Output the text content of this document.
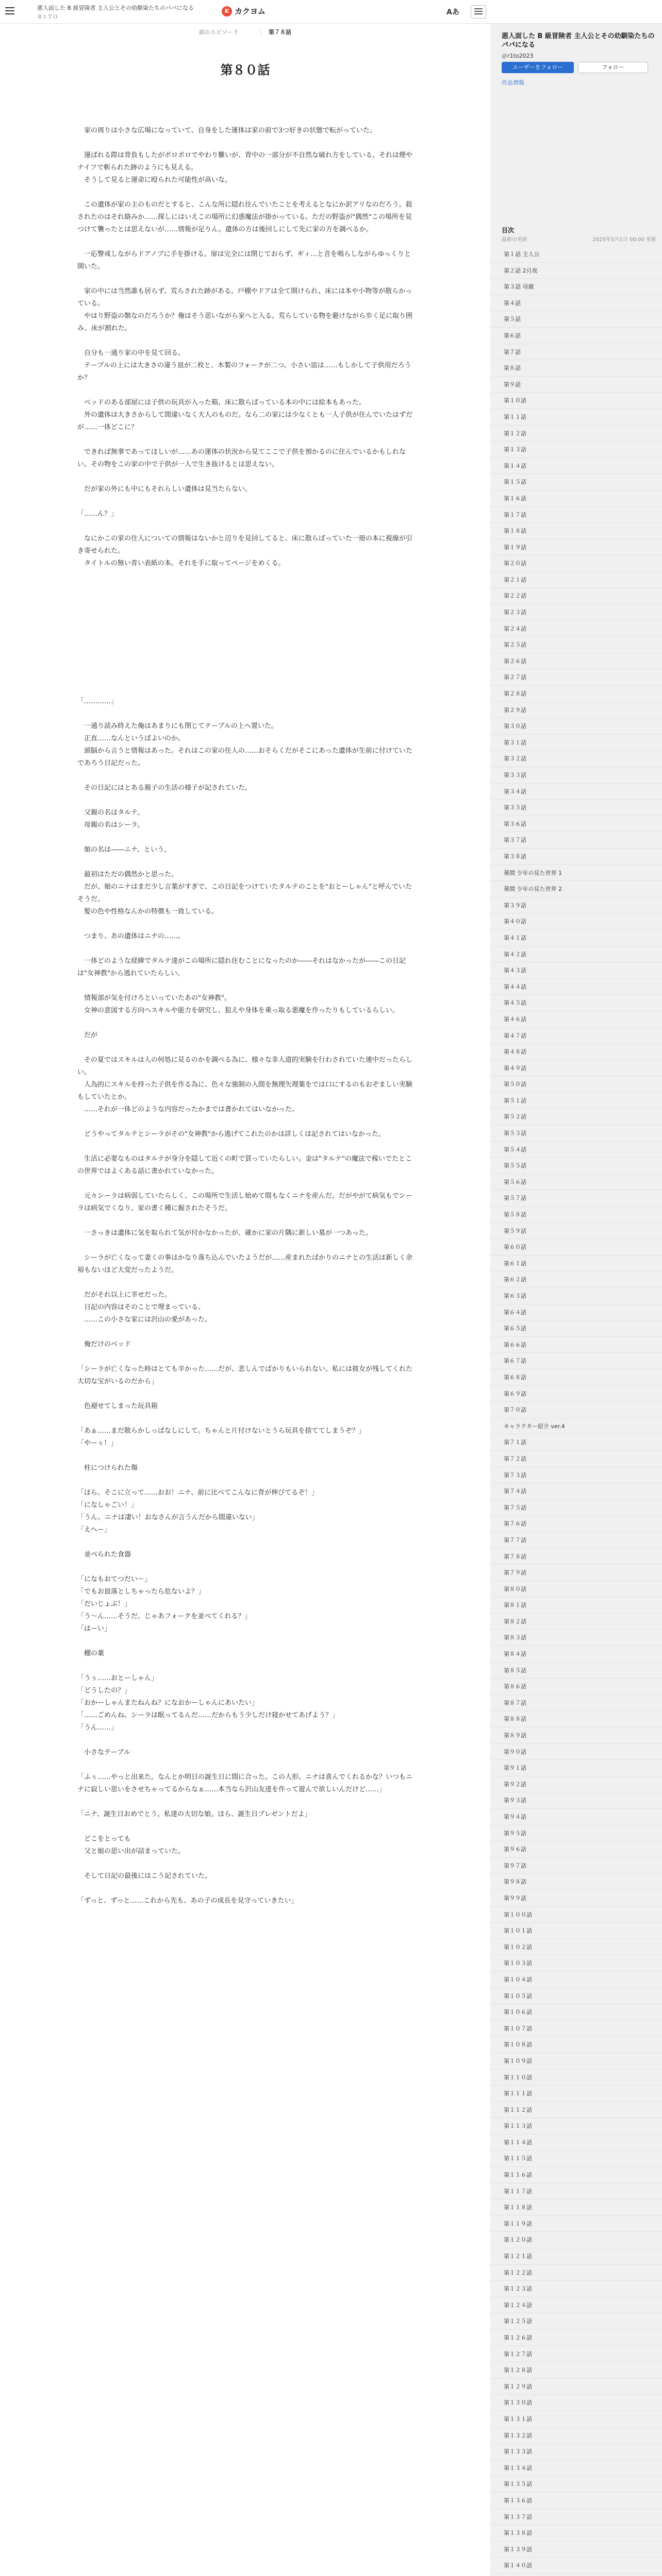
悪人面した B 級冒険者 主人公とその幼馴染たちのパパになる
Ｒ１ＴＯ
K カクヨム	Aあ
前のエピソード	第７８話
第８０話

　家の周りは小さな広場になっていて、自身をした運体は家の前で3つ好きの状態で転がっていた。

　運ばれる際は背負もしたがボロボロでやわり難いが、背中の一部分が不自然な破れ方をしている。それは煙やナイフで斬られた跡のようにも見える。
　そうして見ると運命に殴られた可能性が高いな。

　この遺体が家の主のものだとすると、こんな所に隠れ住んでいたことを考えるとなにか訳アリなのだろう。殺されたのはそれ絡みか……探しにはいえこの場所に幻惑魔法が掛かっている。ただの野盗が"偶然"この場所を見つけて襲ったとは思えないが……情報が足りん。遺体の方は後回しにして先に家の方を調べるか。

　一応警戒しながらドアノブに手を掛ける。扉は完全には閉じておらず、ギィ…と音を鳴らしながらゆっくりと開いた。

　家の中には当然誰も居らず、荒らされた跡がある。戸棚やドアは全て開けられ、床には本や小物等が散らかっている。
　やはり野盗の類なのだろうか？俺はそう思いながら家へと入る。荒らしている物を避けながら歩く足に取り囲み、床が割れた。

　自分も一通り家の中を見て回る。
　テーブルの上には大きさの違う皿が二枚と、木製のフォークが二つ。小さい皿は……もしかして子供用だろうか？

　ベッドのある部屋には子供の玩具が入った箱、床に散らばっている本の中には絵本もあった。
　外の遺体は大きさからして間違いなく大人のものだ。なら二の家には少なくとも一人子供が住んでいたはずだが……一体どこに？

　できれば無事であってほしいが……あの運体の状況から見てここで子供を預かるのに住んでいるかもしれない。その物をこの家の中で子供が一人で生き抜けるとは思えない。

　だが家の外にも中にもそれらしい遺体は見当たらない。

「……ん？」

　なにかこの家の住人についての情報はないかと辺りを見回してると、床に散らばっていた一冊の本に視線が引き寄せられた。
　タイトルの無い青い表紙の本。それを手に取ってページをめくる。

「…………」

　一通り読み終えた俺はあまりにも閉じてテーブルの上へ置いた。
　正直……なんというばよいのか。
　頭脳から言うと情報はあった。それはこの家の住人の……おそらくだがそこにあった遺体が生前に付けていたであろう日記だった。

　その日記にはとある親子の生活の様子が記されていた。

　父親の名はタルテ。
　母親の名はシーラ。

　娘の名は――ニナ、という。

　最初はただの偶然かと思った。
　だが、娘のニナはまだ少し言葉がすぎで、この日記をつけていたタルテのことを"おとーしゃん"と呼んでいたそうだ。
　髪の色や性格なんかの特徴も一致している。

　つまり、あの遺体はニナの……。

　一体どのような経緯でタルテ達がこの場所に隠れ住むことになったのか――それはなかったが――この日記は"女神教"から逃れていたらしい。

　情報部が気を付けろといっていたあの"女神教"。
　女神の意図する方向へスキルや能力を研究し、狙えや身体を乗っ取る悪魔を作ったりもしているらしい。

　だが

　その夏ではスキルは人の何処に見るのかを調べる為に、様々な非人道的実験を行わされていた連中だったらしい。
　人為的にスキルを持った子供を作る為に、色々な強制の入間を無理矢理薬をでは口にするのもおぞましい実験もしていたとか。
　……それが一体どのような内容だったかまでは書かれてはいなかった。

　どうやってタルテとシーラがその"女神教"から逃げてこれたのかは詳しくは記されてはいなかった。

　生活に必要なものはタルテが身分を隠して近くの町で買っていたらしい。金は"タルテ"の魔法で稼いでたとこの世界ではよくある話に書かれていなかった。

　元々シーラは病弱していたらしく、この場所で生活し始めて間もなくニナを産んだ。だがやがて病気もでシーラは病気でくなり、家の書く種に掘されたそうだ。

　一さっきは遺体に気を取られて気が付かなかったが、確かに家の片隅に新しい墓が一つあった。

　シーラが亡くなって妻くの事はかなり落ち込んでいたようだが……産まれたばかりのニナとの生活は新しく余裕もないほど大変だったようだ。

　だがそれ以上に幸せだった。
　日記の内容はそのことで埋まっている。
　……この小さな家には沢山の愛があった。

　俺だけのベッド

「シーラが亡くなった時はとても辛かった……だが、悲しんでばかりもいられない。私には彼女が残してくれた大切な宝がいるのだから」

　色褪せてしまった玩具箱

「あぁ……まだ散らかしっぱなしにして。ちゃんと片付けないとうら玩具を捨ててしまうぞ？」
「やーぅ！」

　柱につけられた傷

「ほら、そこに立って……おお！ニナ、前に比べてこんなに背が伸びてるぞ！」
「になしゃごい！」
「うん。ニナは凄い！おなさんが言うんだから間違いない」
「えへー」

　並べられた食器

「になもおてつだい～」
「でもお皿落としちゃったら危ないよ？」
「だいじょぶ！」
「う～ん……そうだ、じゃあフォークを並べてくれる？」
「はーい」

　棚の薬

「うぅ……おとーしゃん」
「どうしたの？」
「おかーしゃんまたねんね？になおかーしゃんにあいたい」
「……ごめんね。シーラは眠ってるんだ……だからもう少しだけ寝かせてあげよう？」
「うん……」

　小さなテーブル

「ふぅ……やっと出来た。なんとか明日の誕生日に間に合った。この人形、ニナは喜んでくれるかな？いつもニナに寂しい思いをさせちゃってるからなぁ……本当なら沢山友達を作って遊んで欲しいんだけど……」

「ニナ、誕生日おめでとう。私達の大切な娘。ほら、誕生日プレゼントだよ」

　どこをとっても
　父と娘の思い出が詰まっていた。

　そして日記の最後にはこう記されていた。

「ずっと、ずっと……これから先も、あの子の成長を見守っていきたい」

悪人面した B 級冒険者 主人公とその幼馴染たちのパパになる
＠r1to2023
ユーザーをフォロー	フォロー
作品情報
目次
最新の更新	2025年5月1日 00:00 更新
第１話 主人公
第２話 2月夜
第３話 母親
第４話
第５話
第６話
第７話
第８話
第９話
第１０話
第１１話
第１２話
第１３話
第１４話
第１５話
第１６話
第１７話
第１８話
第１９話
第２０話
第２１話
第２２話
第２３話
第２４話
第２５話
第２６話
第２７話
第２８話
第２９話
第３０話
第３１話
第３２話
第３３話
第３４話
第３５話
第３６話
第３７話
第３８話
幕間 少年の見た世界 1
幕間 少年の見た世界 2
第３９話
第４０話
第４１話
第４２話
第４３話
第４４話
第４５話
第４６話
第４７話
第４８話
第４９話
第５０話
第５１話
第５２話
第５３話
第５４話
第５５話
第５６話
第５７話
第５８話
第５９話
第６０話
第６１話
第６２話
第６３話
第６４話
第６５話
第６６話
第６７話
第６８話
第６９話
第７０話
キャラクター紹介 ver.4
第７１話
第７２話
第７３話
第７４話
第７５話
第７６話
第７７話
第７８話
第７９話
第８０話
第８１話
第８２話
第８３話
第８４話
第８５話
第８６話
第８７話
第８８話
第８９話
第９０話
第９１話
第９２話
第９３話
第９４話
第９５話
第９６話
第９７話
第９８話
第９９話
第１００話
第１０１話
第１０２話
第１０３話
第１０４話
第１０５話
第１０６話
第１０７話
第１０８話
第１０９話
第１１０話
第１１１話
第１１２話
第１１３話
第１１４話
第１１５話
第１１６話
第１１７話
第１１８話
第１１９話
第１２０話
第１２１話
第１２２話
第１２３話
第１２４話
第１２５話
第１２６話
第１２７話
第１２８話
第１２９話
第１３０話
第１３１話
第１３２話
第１３３話
第１３４話
第１３５話
第１３６話
第１３７話
第１３８話
第１３９話
第１４０話
